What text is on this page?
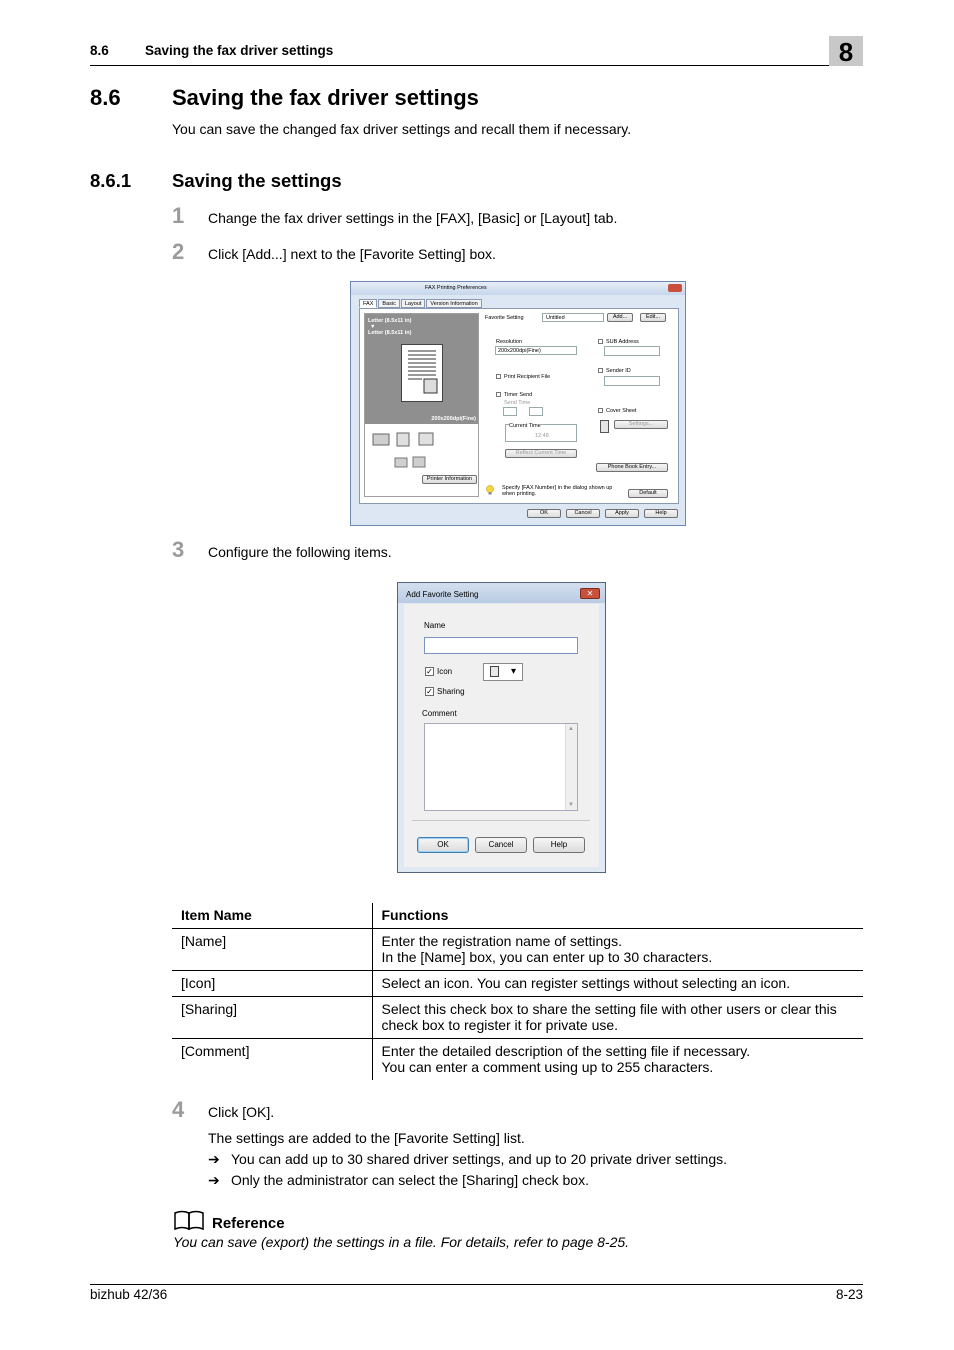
8.6	Saving the fax driver settings	8
8.6 Saving the fax driver settings
You can save the changed fax driver settings and recall them if necessary.
8.6.1 Saving the settings
1 Change the fax driver settings in the [FAX], [Basic] or [Layout] tab.
2 Click [Add...] next to the [Favorite Setting] box.
FAX Printing Preferences
FAX Basic Layout Version Information
Letter (8.5x11 in)
▼
Letter (8.5x11 in)
200x200dpi(Fine)
Printer Information
Favorite Setting	Untitled	Add...	Edit...
Resolution
200x200dpi(Fine)
Print Recipient File
Timer Send
Send Time
Current Time
12:48
Reflect Current Time
SUB Address
Sender ID
Cover Sheet
Settings...
Phone Book Entry...
Specify [FAX Number] in the dialog shown up when printing.	Default
OK	Cancel	Apply	Help
3 Configure the following items.
Add Favorite Setting	✕
Name
✓ Icon	▾
✓ Sharing
Comment
▲
▼
OK	Cancel	Help
Item Name	Functions
[Name]	Enter the registration name of settings.
In the [Name] box, you can enter up to 30 characters.

[Icon]	Select an icon. You can register settings without selecting an icon.

[Sharing]	Select this check box to share the setting file with other users or clear this
check box to register it for private use.

[Comment]	Enter the detailed description of the setting file if necessary.
You can enter a comment using up to 255 characters.
4 Click [OK].
The settings are added to the [Favorite Setting] list.
➔ You can add up to 30 shared driver settings, and up to 20 private driver settings.
➔ Only the administrator can select the [Sharing] check box.
Reference
You can save (export) the settings in a file. For details, refer to page 8-25.
bizhub 42/36	8-23
